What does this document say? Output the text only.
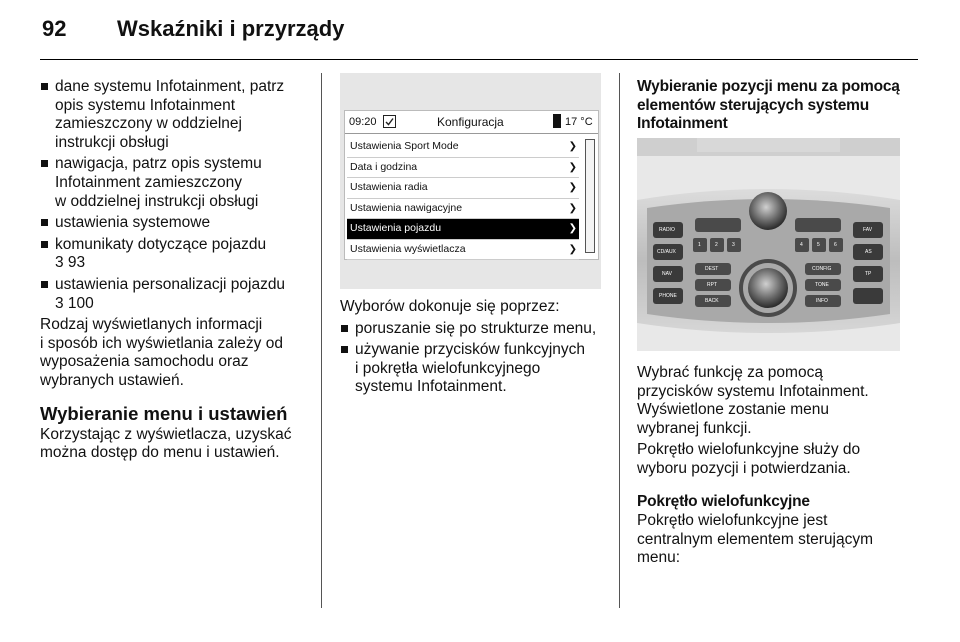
92 Wskaźniki i przyrządy
dane systemu Infotainment, patrz
opis systemu Infotainment
zamieszczony w oddzielnej
instrukcji obsługi
nawigacja, patrz opis systemu
Infotainment zamieszczony
w oddzielnej instrukcji obsługi
ustawienia systemowe
komunikaty dotyczące pojazdu
3 93
ustawienia personalizacji pojazdu
3 100
Rodzaj wyświetlanych informacji
i sposób ich wyświetlania zależy od
wyposażenia samochodu oraz
wybranych ustawień.
Wybieranie menu i ustawień
Korzystając z wyświetlacza, uzyskać
można dostęp do menu i ustawień.
09:20	Konfiguracja	17 °C
Ustawienia Sport Mode	❯
Data i godzina	❯
Ustawienia radia	❯
Ustawienia nawigacyjne	❯
Ustawienia pojazdu	❯
Ustawienia wyświetlacza	❯
Wyborów dokonuje się poprzez:
poruszanie się po strukturze menu,
używanie przycisków funkcyjnych
i pokrętła wielofunkcyjnego
systemu Infotainment.
Wybieranie pozycji menu za pomocą
elementów sterujących systemu
Infotainment
RADIO
CD/AUX
NAV
PHONE
FAV
AS
TP
DEST
RPT
BACK
CONFIG
TONE
INFO
1	2	3	4	5	6
Wybrać funkcję za pomocą
przycisków systemu Infotainment.
Wyświetlone zostanie menu
wybranej funkcji.
Pokrętło wielofunkcyjne służy do
wyboru pozycji i potwierdzania.
Pokrętło wielofunkcyjne
Pokrętło wielofunkcyjne jest
centralnym elementem sterującym
menu:
